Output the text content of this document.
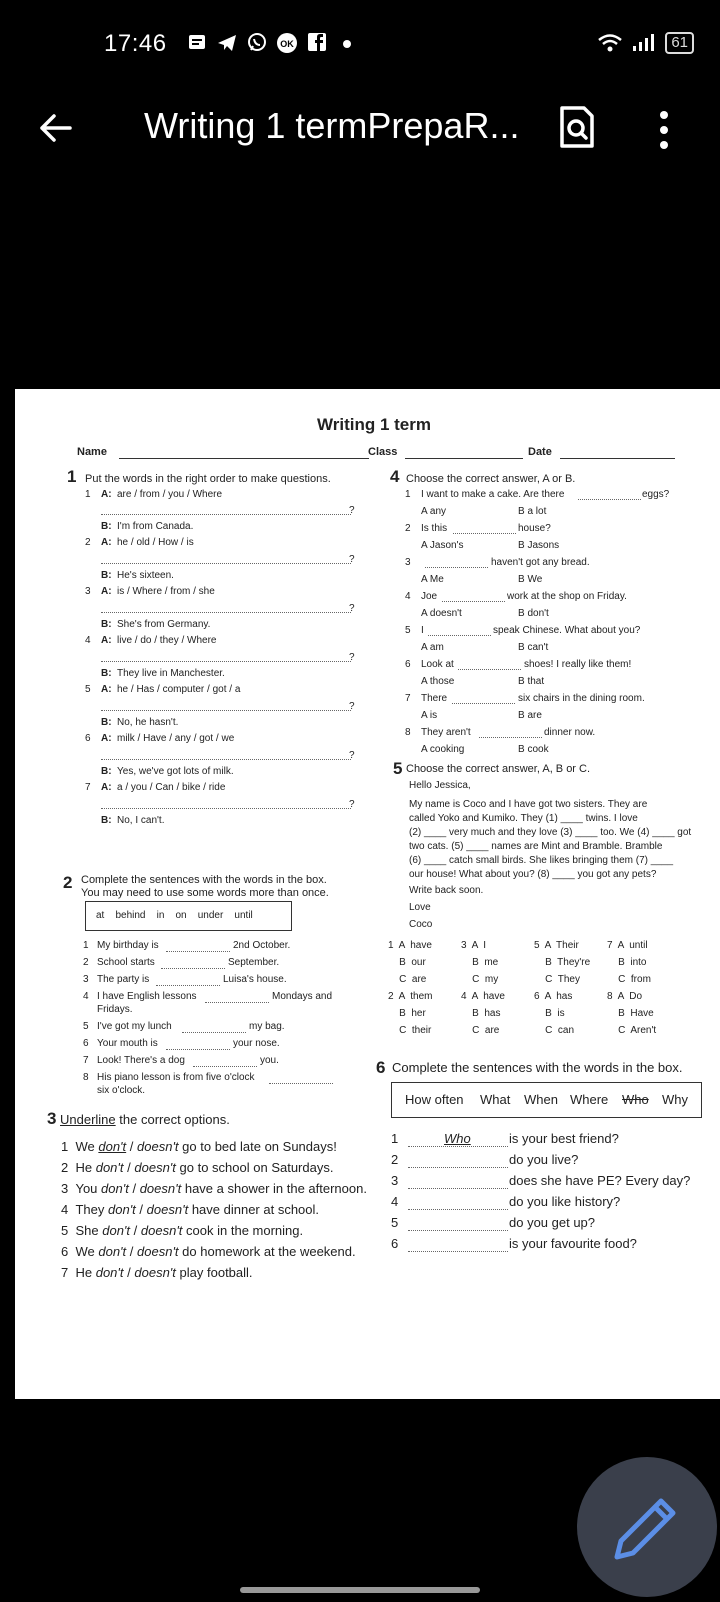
17:46	OK	61
Writing 1 termPrepaR...
Writing 1 term
Name	Class	Date
1 Put the words in the right order to make questions.
1 A: are / from / you / Where
?
B: I'm from Canada.
2 A: he / old / How / is
?
B: He's sixteen.
3 A: is / Where / from / she
?
B: She's from Germany.
4 A: live / do / they / Where
?
B: They live in Manchester.
5 A: he / Has / computer / got / a
?
B: No, he hasn't.
6 A: milk / Have / any / got / we
?
B: Yes, we've got lots of milk.
7 A: a / you / Can / bike / ride
?
B: No, I can't.
2 Complete the sentences with the words in the box.
You may need to use some words more than once.
at    behind    in    on    under    until
1 My birthday is	2nd October.
2 School starts	September.
3 The party is	Luisa's house.
4 I have English lessons	Mondays and
Fridays.
5 I've got my lunch	my bag.
6 Your mouth is	your nose.
7 Look! There's a dog	you.
8 His piano lesson is from five o'clock
six o'clock.
3 Underline the correct options.
1 We don't / doesn't go to bed late on Sundays!
2 He don't / doesn't go to school on Saturdays.
3 You don't / doesn't have a shower in the afternoon.
4 They don't / doesn't have dinner at school.
5 She don't / doesn't cook in the morning.
6 We don't / doesn't do homework at the weekend.
7 He don't / doesn't play football.
4 Choose the correct answer, A or B.
1 I want to make a cake. Are there	eggs?
A any	B a lot
2 Is this	house?
A Jason's	B Jasons
3	haven't got any bread.
A Me	B We
4 Joe	work at the shop on Friday.
A doesn't	B don't
5 I	speak Chinese. What about you?
A am	B can't
6 Look at	shoes! I really like them!
A those	B that
7 There	six chairs in the dining room.
A is	B are
8 They aren't	dinner now.
A cooking	B cook
5 Choose the correct answer, A, B or C.
Hello Jessica,
My name is Coco and I have got two sisters. They are
called Yoko and Kumiko. They (1) ____ twins. I love
(2) ____ very much and they love (3) ____ too. We (4) ____ got
two cats. (5) ____ names are Mint and Bramble. Bramble
(6) ____ catch small birds. She likes bringing them (7) ____
our house! What about you? (8) ____ you got any pets?
Write back soon.
Love
Coco
1  A  have
B  our
C  are
2  A  them
B  her
C  their
3  A  I
B  me
C  my
4  A  have
B  has
C  are
5  A  Their
B  They're
C  They
6  A  has
B  is
C  can
7  A  until
B  into
C  from
8  A  Do
B  Have
C  Aren't
6 Complete the sentences with the words in the box.
How often What When Where Who Why
1	Who	is your best friend?
2	do you live?
3	does she have PE? Every day?
4	do you like history?
5	do you get up?
6	is your favourite food?
